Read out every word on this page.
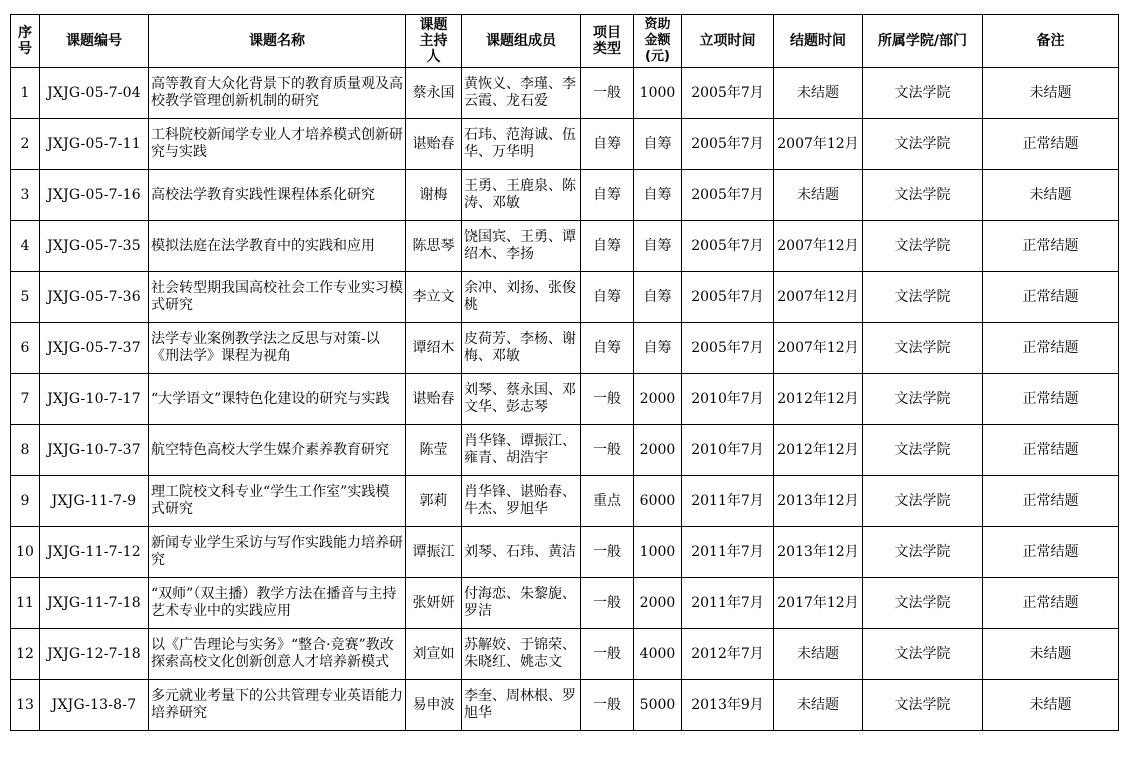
序号	课题编号	课题名称	课题主持人	课题组成员	项目类型	资助金额(元)	立项时间	结题时间	所属学院/部门	备注
1	JXJG-05-7-04	高等教育大众化背景下的教育质量观及高校教学管理创新机制的研究	蔡永国	黄恢义、李瑾、李云霞、龙石爱	一般	1000	2005年7月	未结题	文法学院	未结题
2	JXJG-05-7-11	工科院校新闻学专业人才培养模式创新研究与实践	谌贻春	石玮、范海诚、伍华、万华明	自筹	自筹	2005年7月	2007年12月	文法学院	正常结题
3	JXJG-05-7-16	高校法学教育实践性课程体系化研究	谢梅	王勇、王鹿泉、陈涛、邓敏	自筹	自筹	2005年7月	未结题	文法学院	未结题
4	JXJG-05-7-35	模拟法庭在法学教育中的实践和应用	陈思琴	饶国宾、王勇、谭绍木、李扬	自筹	自筹	2005年7月	2007年12月	文法学院	正常结题
5	JXJG-05-7-36	社会转型期我国高校社会工作专业实习模式研究	李立文	余冲、刘扬、张俊桃	自筹	自筹	2005年7月	2007年12月	文法学院	正常结题
6	JXJG-05-7-37	法学专业案例教学法之反思与对策-以《刑法学》课程为视角	谭绍木	皮荷芳、李杨、谢梅、邓敏	自筹	自筹	2005年7月	2007年12月	文法学院	正常结题
7	JXJG-10-7-17	“大学语文”课特色化建设的研究与实践	谌贻春	刘琴、蔡永国、邓文华、彭志琴	一般	2000	2010年7月	2012年12月	文法学院	正常结题
8	JXJG-10-7-37	航空特色高校大学生媒介素养教育研究	陈莹	肖华锋、谭振江、雍青、胡浩宇	一般	2000	2010年7月	2012年12月	文法学院	正常结题
9	JXJG-11-7-9	理工院校文科专业“学生工作室”实践模式研究	郭莉	肖华锋、谌贻春、牛杰、罗旭华	重点	6000	2011年7月	2013年12月	文法学院	正常结题
10	JXJG-11-7-12	新闻专业学生采访与写作实践能力培养研究	谭振江	刘琴、石玮、黄洁	一般	1000	2011年7月	2013年12月	文法学院	正常结题
11	JXJG-11-7-18	“双师”（双主播）教学方法在播音与主持艺术专业中的实践应用	张妍妍	付海恋、朱黎旎、罗洁	一般	2000	2011年7月	2017年12月	文法学院	正常结题
12	JXJG-12-7-18	以《广告理论与实务》“整合·竞赛”教改探索高校文化创新创意人才培养新模式	刘宣如	苏解姣、于锦荣、朱晓红、姚志文	一般	4000	2012年7月	未结题	文法学院	未结题
13	JXJG-13-8-7	多元就业考量下的公共管理专业英语能力培养研究	易申波	李奎、周林根、罗旭华	一般	5000	2013年9月	未结题	文法学院	未结题
